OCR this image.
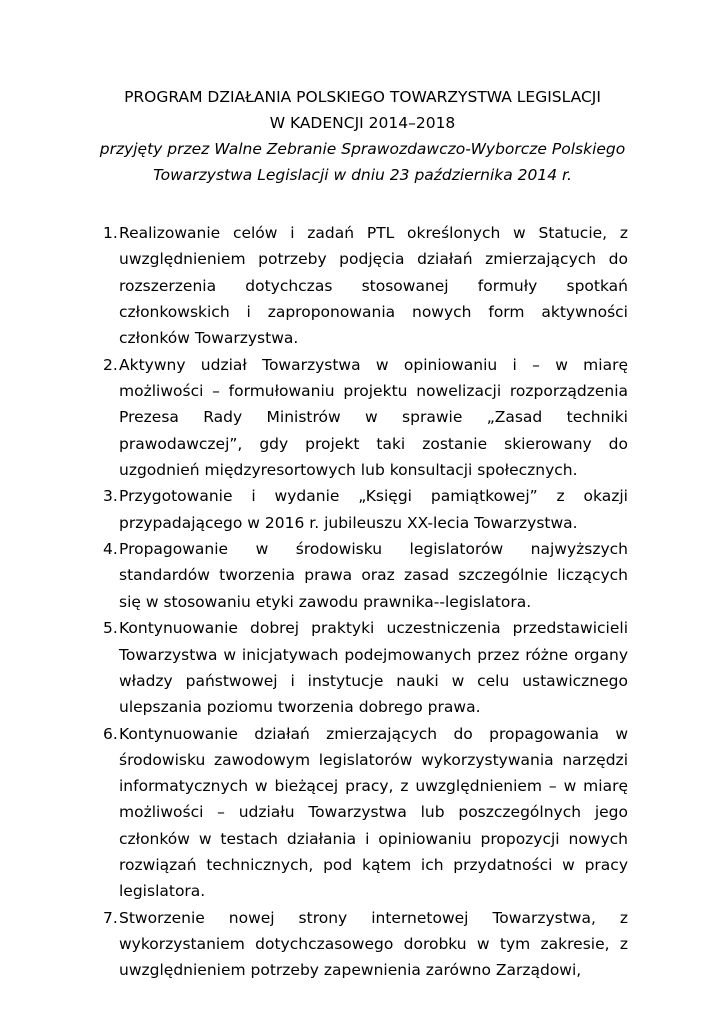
PROGRAM DZIAŁANIA POLSKIEGO TOWARZYSTWA LEGISLACJI
W KADENCJI 2014–2018
przyjęty przez Walne Zebranie Sprawozdawczo-Wyborcze Polskiego
Towarzystwa Legislacji w dniu 23 października 2014 r.
1. Realizowanie celów i zadań PTL określonych w Statucie, z uwzględnieniem potrzeby podjęcia działań zmierzających do rozszerzenia dotychczas stosowanej formuły spotkań członkowskich i zaproponowania nowych form aktywności członków Towarzystwa.
2. Aktywny udział Towarzystwa w opiniowaniu i – w miarę możliwości – formułowaniu projektu nowelizacji rozporządzenia Prezesa Rady Ministrów w sprawie „Zasad techniki prawodawczej”, gdy projekt taki zostanie skierowany do uzgodnień międzyresortowych lub konsultacji społecznych.
3. Przygotowanie i wydanie „Księgi pamiątkowej” z okazji przypadającego w 2016 r. jubileuszu XX-lecia Towarzystwa.
4. Propagowanie w środowisku legislatorów najwyższych standardów tworzenia prawa oraz zasad szczególnie liczących się w stosowaniu etyki zawodu prawnika--legislatora.
5. Kontynuowanie dobrej praktyki uczestniczenia przedstawicieli Towarzystwa w inicjatywach podejmowanych przez różne organy władzy państwowej i instytucje nauki w celu ustawicznego ulepszania poziomu tworzenia dobrego prawa.
6. Kontynuowanie działań zmierzających do propagowania w środowisku zawodowym legislatorów wykorzystywania narzędzi informatycznych w bieżącej pracy, z uwzględnieniem – w miarę możliwości – udziału Towarzystwa lub poszczególnych jego członków w testach działania i opiniowaniu propozycji nowych rozwiązań technicznych, pod kątem ich przydatności w pracy legislatora.
7. Stworzenie nowej strony internetowej Towarzystwa, z wykorzystaniem dotychczasowego dorobku w tym zakresie, z uwzględnieniem potrzeby zapewnienia zarówno Zarządowi,
